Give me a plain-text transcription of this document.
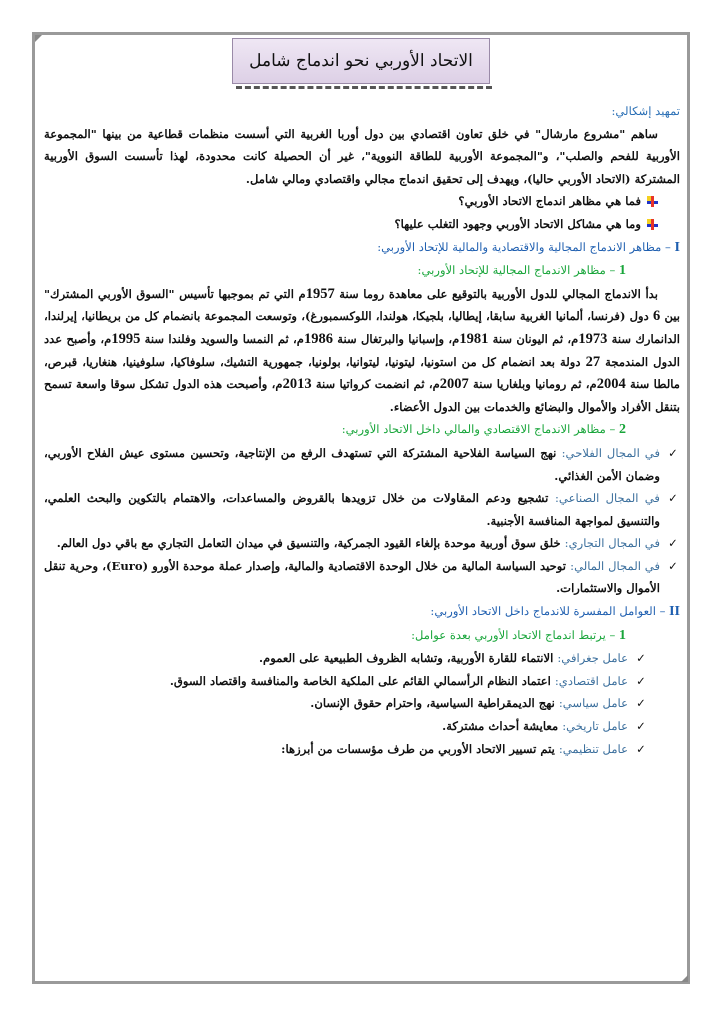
الاتحاد الأوربي نحو اندماج شامل

تمهيد إشكالي:

ساهم "مشروع مارشال" في خلق تعاون اقتصادي بين دول أوربا الغربية التي أسست منظمات قطاعية من بينها "المجموعة الأوربية للفحم والصلب"، و"المجموعة الأوربية للطاقة النووية"، غير أن الحصيلة كانت محدودة، لهذا تأسست السوق الأوربية المشتركة (الاتحاد الأوربي حاليا)، ويهدف إلى تحقيق اندماج مجالي واقتصادي ومالي شامل.

فما هي مظاهر اندماج الاتحاد الأوربي؟
وما هي مشاكل الاتحاد الأوربي وجهود التغلب عليها؟

I – مظاهر الاندماج المجالية والاقتصادية والمالية للإتحاد الأوربي:

1 – مظاهر الاندماج المجالية للإتحاد الأوربي:

بدأ الاندماج المجالي للدول الأوربية بالتوقيع على معاهدة روما سنة 1957م التي تم بموجبها تأسيس "السوق الأوربي المشترك" بين 6 دول (فرنسا، ألمانيا الغربية سابقا، إيطاليا، بلجيكا، هولندا، اللوكسمبورغ)، وتوسعت المجموعة بانضمام كل من بريطانيا، إيرلندا، الدانمارك سنة 1973م، ثم اليونان سنة 1981م، وإسبانيا والبرتغال سنة 1986م، ثم النمسا والسويد وفلندا سنة 1995م، وأصبح عدد الدول المندمجة 27 دولة بعد انضمام كل من استونيا، ليتونيا، ليتوانيا، بولونيا، جمهورية التشيك، سلوفاكيا، سلوفينيا، هنغاريا، قبرص، مالطا سنة 2004م، ثم رومانيا وبلغاريا سنة 2007م، ثم انضمت كرواتيا سنة 2013م، وأصبحت هذه الدول تشكل سوقا واسعة تسمح بتنقل الأفراد والأموال والبضائع والخدمات بين الدول الأعضاء.

2 – مظاهر الاندماج الاقتصادي والمالي داخل الاتحاد الأوربي:

✓
في المجال الفلاحي: نهج السياسة الفلاحية المشتركة التي تستهدف الرفع من الإنتاجية، وتحسين مستوى عيش الفلاح الأوربي، وضمان الأمن الغذائي.
✓
في المجال الصناعي: تشجيع ودعم المقاولات من خلال تزويدها بالقروض والمساعدات، والاهتمام بالتكوين والبحث العلمي، والتنسيق لمواجهة المنافسة الأجنبية.
✓
في المجال التجاري: خلق سوق أوربية موحدة بإلغاء القيود الجمركية، والتنسيق في ميدان التعامل التجاري مع باقي دول العالم.
✓
في المجال المالي: توحيد السياسة المالية من خلال الوحدة الاقتصادية والمالية، وإصدار عملة موحدة الأورو (Euro)، وحرية تنقل الأموال والاستثمارات.

II – العوامل المفسرة للاندماج داخل الاتحاد الأوربي:

1 – يرتبط اندماج الاتحاد الأوربي بعدة عوامل:

✓
عامل جغرافي: الانتماء للقارة الأوربية، وتشابه الظروف الطبيعية على العموم.
✓
عامل اقتصادي: اعتماد النظام الرأسمالي القائم على الملكية الخاصة والمنافسة واقتصاد السوق.
✓
عامل سياسي: نهج الديمقراطية السياسية، واحترام حقوق الإنسان.
✓
عامل تاريخي: معايشة أحداث مشتركة.
✓
عامل تنظيمي: يتم تسيير الاتحاد الأوربي من طرف مؤسسات من أبرزها:
